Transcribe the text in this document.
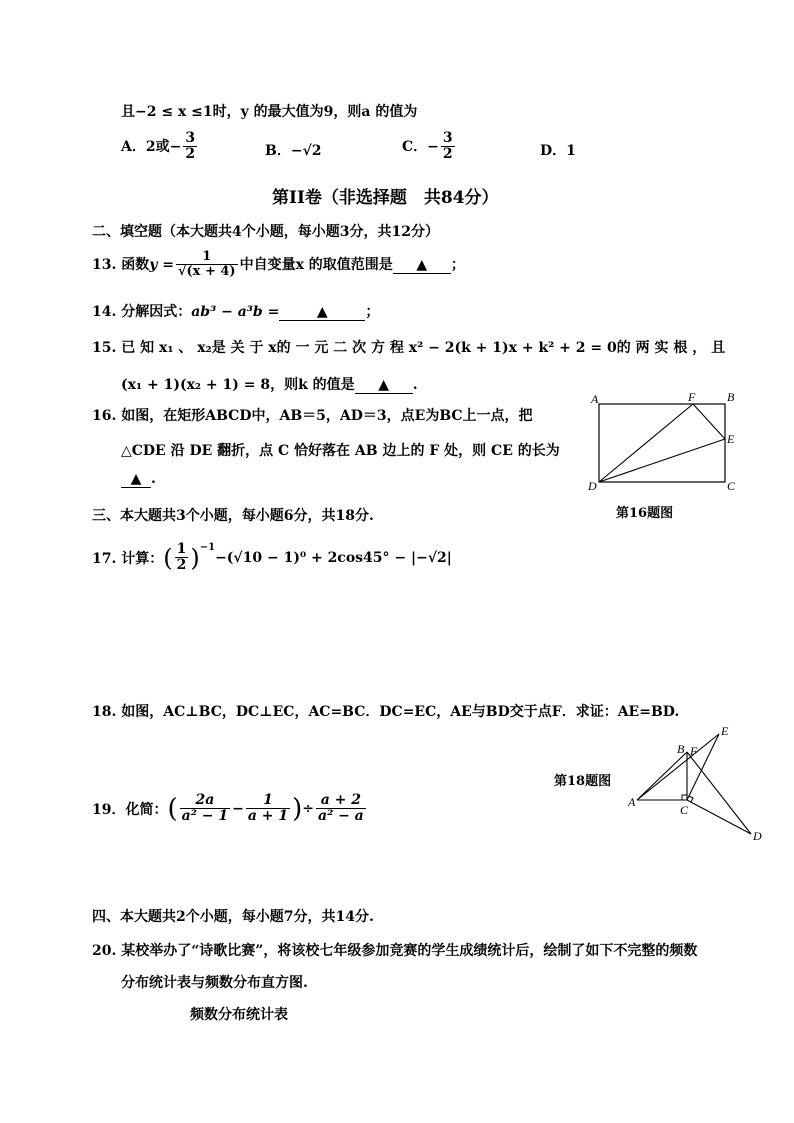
且−2 ≤ x ≤1时，y 的最大值为9，则a 的值为
A．2或− $\frac{3}{2}$	B．−√2	C．− $\frac{3}{2}$	D．1
第II卷（非选择题　共84分）
二、填空题（本大题共4个小题，每小题3分，共12分）
13. 函数$y = \frac{1}{√(x + 4)}$ 中自变量x 的取值范围是 ▲ ；
14. 分解因式：ab³ − a³b =	▲	；
15. 已 知 x₁ 、 x₂是 关 于 x的 一 元 二 次 方 程 x² − 2(k + 1)x + k² + 2 = 0的 两 实 根 ， 且
(x₁ + 1)(x₂ + 1) = 8，则k 的值是 ▲ .
16. 如图，在矩形ABCD中，AB＝5，AD＝3，点E为BC上一点，把
△CDE 沿 DE 翻折，点 C 恰好落在 AB 边上的 F 处，则 CE 的长为
▲ .
A	F	B
E
C
D
第16题图
三、本大题共3个小题，每小题6分，共18分.
17. 计算：( $\frac{1}{2} )^{-1}-(√10 - 1)^0 + 2\cos 45^\circ - |-√2|$
18. 如图，AC⊥BC，DC⊥EC，AC=BC．DC=EC，AE与BD交于点F．求证：AE=BD.
A
B F
E
C
D
第18题图
19．化简：( $\frac{2a}{\text{a² − 1}} - \frac{1}{a + 1}$ )÷ $\frac{a + 2}{\text{a² − a}}$
四、本大题共2个小题，每小题7分，共14分.
20. 某校举办了“诗歌比赛”，将该校七年级参加竞赛的学生成绩统计后，绘制了如下不完整的频数
分布统计表与频数分布直方图.
频数分布统计表
